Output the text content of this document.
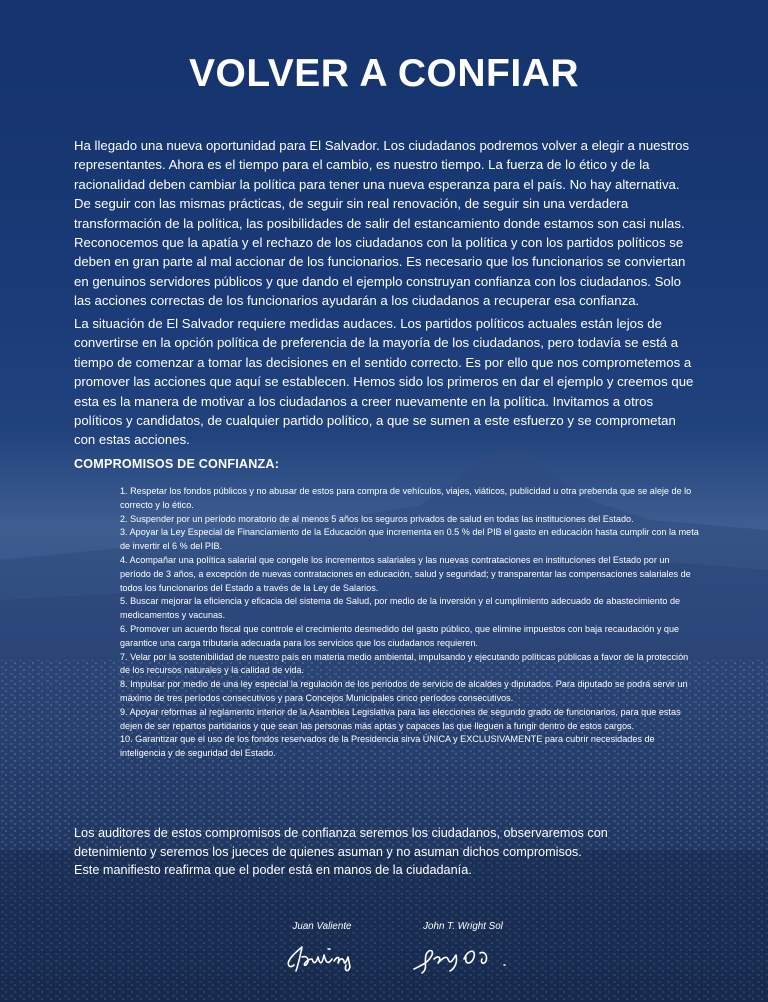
VOLVER A CONFIAR

Ha llegado una nueva oportunidad para El Salvador. Los ciudadanos podremos volver a elegir a nuestros representantes. Ahora es el tiempo para el cambio, es nuestro tiempo. La fuerza de lo ético y de la racionalidad deben cambiar la política para tener una nueva esperanza para el país. No hay alternativa. De seguir con las mismas prácticas, de seguir sin real renovación, de seguir sin una verdadera transformación de la política, las posibilidades de salir del estancamiento donde estamos son casi nulas. Reconocemos que la apatía y el rechazo de los ciudadanos con la política y con los partidos políticos se deben en gran parte al mal accionar de los funcionarios. Es necesario que los funcionarios se conviertan en genuinos servidores públicos y que dando el ejemplo construyan confianza con los ciudadanos. Solo las acciones correctas de los funcionarios ayudarán a los ciudadanos a recuperar esa confianza.

La situación de El Salvador requiere medidas audaces. Los partidos políticos actuales están lejos de convertirse en la opción política de preferencia de la mayoría de los ciudadanos, pero todavía se está a tiempo de comenzar a tomar las decisiones en el sentido correcto. Es por ello que nos comprometemos a promover las acciones que aquí se establecen. Hemos sido los primeros en dar el ejemplo y creemos que esta es la manera de motivar a los ciudadanos a creer nuevamente en la política. Invitamos a otros políticos y candidatos, de cualquier partido político, a que se sumen a este esfuerzo y se comprometan con estas acciones.

COMPROMISOS DE CONFIANZA:
1. Respetar los fondos públicos y no abusar de estos para compra de vehículos, viajes, viáticos, publicidad u otra prebenda que se aleje de lo correcto y lo ético.
2. Suspender por un período moratorio de al menos 5 años los seguros privados de salud en todas las instituciones del Estado.
3. Apoyar la Ley Especial de Financiamiento de la Educación que incrementa en 0.5 % del PIB el gasto en educación hasta cumplir con la meta de invertir el 6 % del PIB.
4. Acompañar una política salarial que congele los incrementos salariales y las nuevas contrataciones en instituciones del Estado por un período de 3 años, a excepción de nuevas contrataciones en educación, salud y seguridad; y transparentar las compensaciones salariales de todos los funcionarios del Estado a través de la Ley de Salarios.
5. Buscar mejorar la eficiencia y eficacia del sistema de Salud, por medio de la inversión y el cumplimiento adecuado de abastecimiento de medicamentos y vacunas.
6. Promover un acuerdo fiscal que controle el crecimiento desmedido del gasto público, que elimine impuestos con baja recaudación y que garantice una carga tributaria adecuada para los servicios que los ciudadanos requieren.
7. Velar por la sostenibilidad de nuestro país en materia medio ambiental, impulsando y ejecutando políticas públicas a favor de la protección de los recursos naturales y la calidad de vida.
8. Impulsar por medio de una ley especial la regulación de los períodos de servicio de alcaldes y diputados. Para diputado se podrá servir un máximo de tres períodos consecutivos y para Concejos Municipales cinco períodos consecutivos.
9. Apoyar reformas al reglamento interior de la Asamblea Legislativa para las elecciones de segundo grado de funcionarios, para que estas dejen de ser repartos partidarios y que sean las personas más aptas y capaces las que lleguen a fungir dentro de estos cargos.
10. Garantizar que el uso de los fondos reservados de la Presidencia sirva ÚNICA y EXCLUSIVAMENTE para cubrir necesidades de inteligencia y de seguridad del Estado.

Los auditores de estos compromisos de confianza seremos los ciudadanos, observaremos con
detenimiento y seremos los jueces de quienes asuman y no asuman dichos compromisos.
Este manifiesto reafirma que el poder está en manos de la ciudadanía.

Juan Valiente	John T. Wright Sol
